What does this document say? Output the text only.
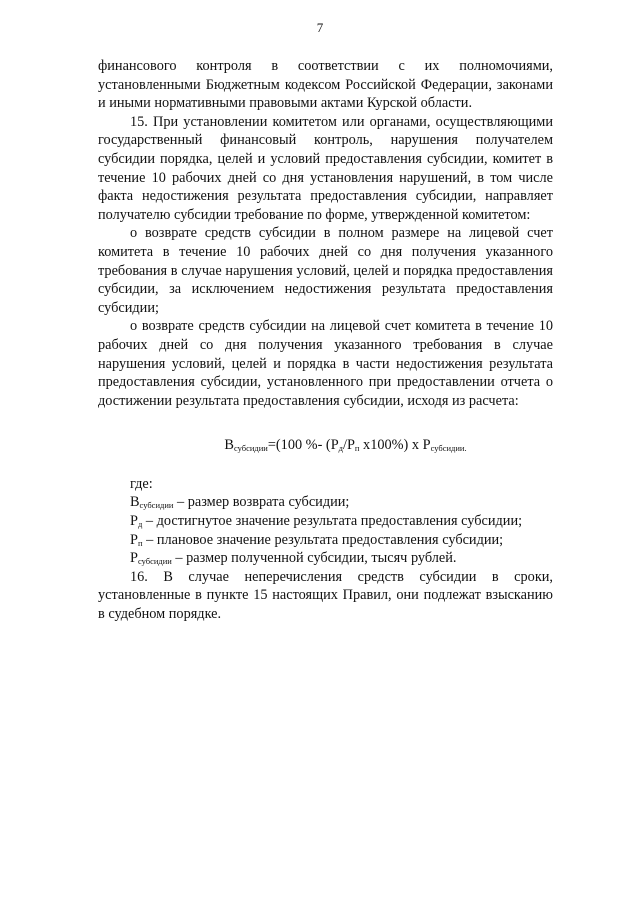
7

финансового контроля в соответствии с их полномочиями, установленными Бюджетным кодексом Российской Федерации, законами и иными нормативными правовыми актами Курской области.

15. При установлении комитетом или органами, осуществляющими государственный финансовый контроль, нарушения получателем субсидии порядка, целей и условий предоставления субсидии, комитет в течение 10 рабочих дней со дня установления нарушений, в том числе факта недостижения результата предоставления субсидии, направляет получателю субсидии требование по форме, утвержденной комитетом:

о возврате средств субсидии в полном размере на лицевой счет комитета в течение 10 рабочих дней со дня получения указанного требования в случае нарушения условий, целей и порядка предоставления субсидии, за исключением недостижения результата предоставления субсидии;

о возврате средств субсидии на лицевой счет комитета в течение 10 рабочих дней со дня получения указанного требования в случае нарушения условий, целей и порядка в части недостижения результата предоставления субсидии, установленного при предоставлении отчета о достижении результата предоставления субсидии, исходя из расчета:

$В_{субсидии}=(100$ %- ($Р_д/Р_п$ х100%) х $Р_{субсидии.}$

где:

$В_{субсидии}$ – размер возврата субсидии;

$Р_д$ – достигнутое значение результата предоставления субсидии;

$Р_п$ – плановое значение результата предоставления субсидии;

$Р_{субсидии}$ – размер полученной субсидии, тысяч рублей.

16. В случае неперечисления средств субсидии в сроки, установленные в пункте 15 настоящих Правил, они подлежат взысканию в судебном порядке.
